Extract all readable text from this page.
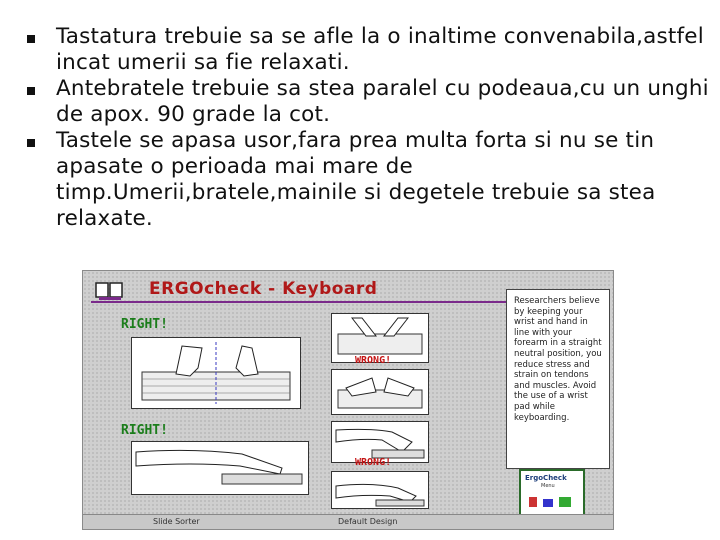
Tastatura trebuie sa se afle la o inaltime convenabila,astfel incat umerii sa fie relaxati.
Antebratele trebuie sa stea paralel cu podeaua,cu un unghi de apox. 90 grade la cot.
Tastele se apasa usor,fara prea multa forta si nu se tin apasate o perioada mai mare de timp.Umerii,bratele,mainile si degetele trebuie sa stea relaxate.
ERGOcheck - Keyboard
RIGHT!
WRONG!
RIGHT!
WRONG!
Researchers believe by keeping your wrist and hand in line with your forearm in a straight neutral position, you reduce stress and strain on tendons and muscles. Avoid the use of a wrist pad while keyboarding.
ErgoCheck
Menu
Slide Sorter	Default Design
